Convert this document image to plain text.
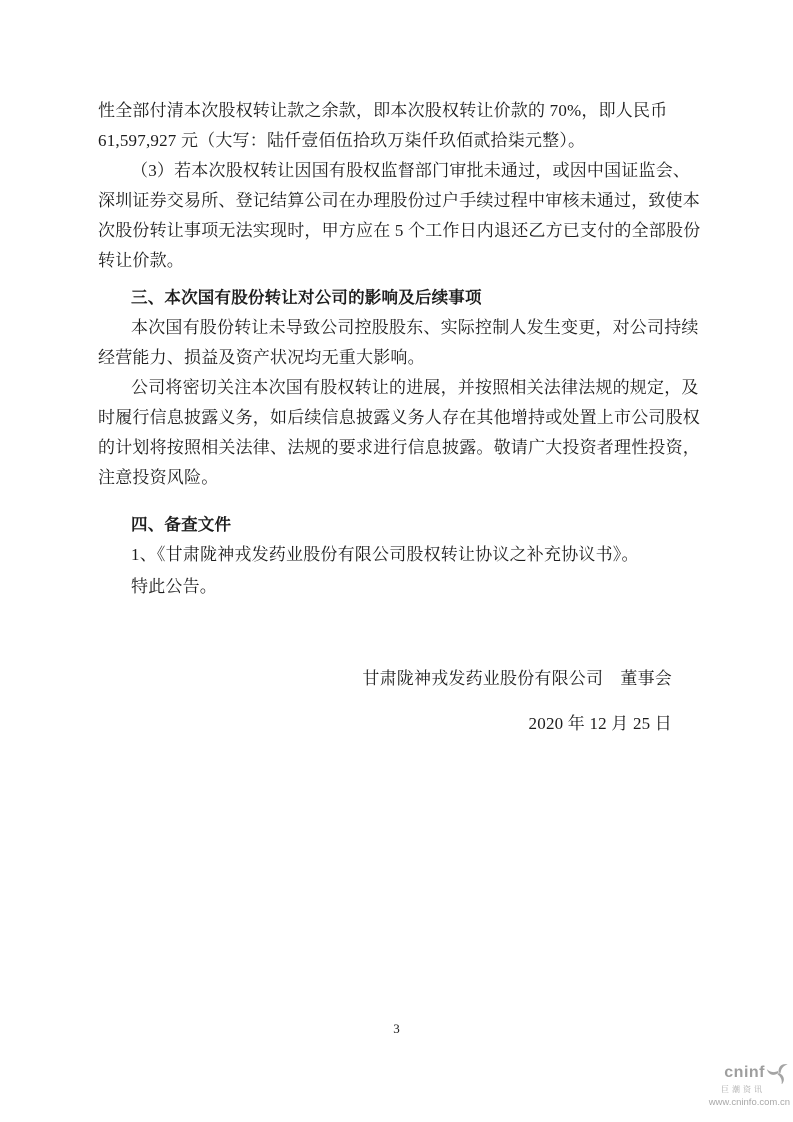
性全部付清本次股权转让款之余款，即本次股权转让价款的 70%，即人民币
61,597,927 元（大写：陆仟壹佰伍拾玖万柒仟玖佰贰拾柒元整）。
（3）若本次股权转让因国有股权监督部门审批未通过，或因中国证监会、
深圳证券交易所、登记结算公司在办理股份过户手续过程中审核未通过，致使本
次股份转让事项无法实现时，甲方应在 5 个工作日内退还乙方已支付的全部股份
转让价款。
三、本次国有股份转让对公司的影响及后续事项
本次国有股份转让未导致公司控股股东、实际控制人发生变更，对公司持续
经营能力、损益及资产状况均无重大影响。
公司将密切关注本次国有股权转让的进展，并按照相关法律法规的规定，及
时履行信息披露义务，如后续信息披露义务人存在其他增持或处置上市公司股权
的计划将按照相关法律、法规的要求进行信息披露。敬请广大投资者理性投资，
注意投资风险。
四、备查文件
1、《甘肃陇神戎发药业股份有限公司股权转让协议之补充协议书》。
特此公告。
甘肃陇神戎发药业股份有限公司　董事会
2020 年 12 月 25 日
3
cninf
巨潮资讯
www.cninfo.com.cn
